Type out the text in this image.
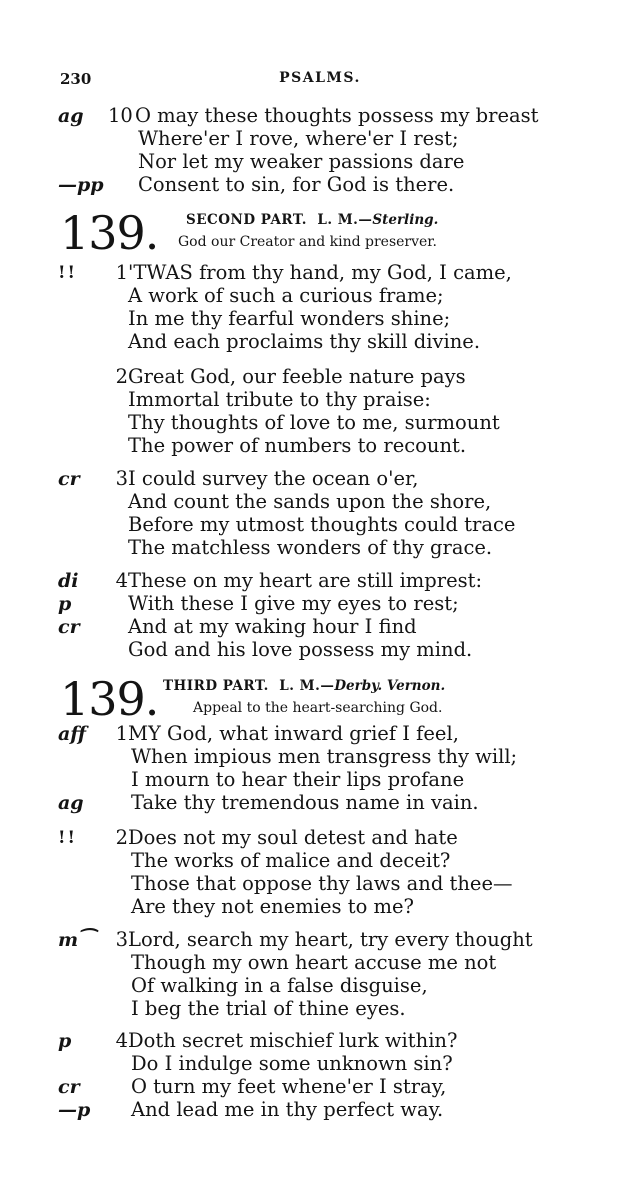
230	PSALMS.
ag 10 O may these thoughts possess my breast
Where'er I rove, where'er I rest;
Nor let my weaker passions dare
—pp Consent to sin, for God is there.
139. SECOND PART. L. M.—Sterling.
God our Creator and kind preserver.
!!	1 'TWAS from thy hand, my God, I came,
A work of such a curious frame;
In me thy fearful wonders shine;
And each proclaims thy skill divine.
2 Great God, our feeble nature pays
Immortal tribute to thy praise:
Thy thoughts of love to me, surmount
The power of numbers to recount.
cr	3 I could survey the ocean o'er,
And count the sands upon the shore,
Before my utmost thoughts could trace
The matchless wonders of thy grace.
di	4 These on my heart are still imprest:
p	With these I give my eyes to rest;
cr And at my waking hour I find
God and his love possess my mind.
139. THIRD PART. L. M.—Derby. Vernon.
Appeal to the heart-searching God.
aff	1 MY God, what inward grief I feel,
When impious men transgress thy will;
I mourn to hear their lips profane
ag Take thy tremendous name in vain.
!!	2 Does not my soul detest and hate
The works of malice and deceit?
Those that oppose thy laws and thee—
Are they not enemies to me?
m⁀	3 Lord, search my heart, try every thought
Though my own heart accuse me not
Of walking in a false disguise,
I beg the trial of thine eyes.
p	4 Doth secret mischief lurk within?
Do I indulge some unknown sin?
cr	O turn my feet whene'er I stray,
—p And lead me in thy perfect way.
